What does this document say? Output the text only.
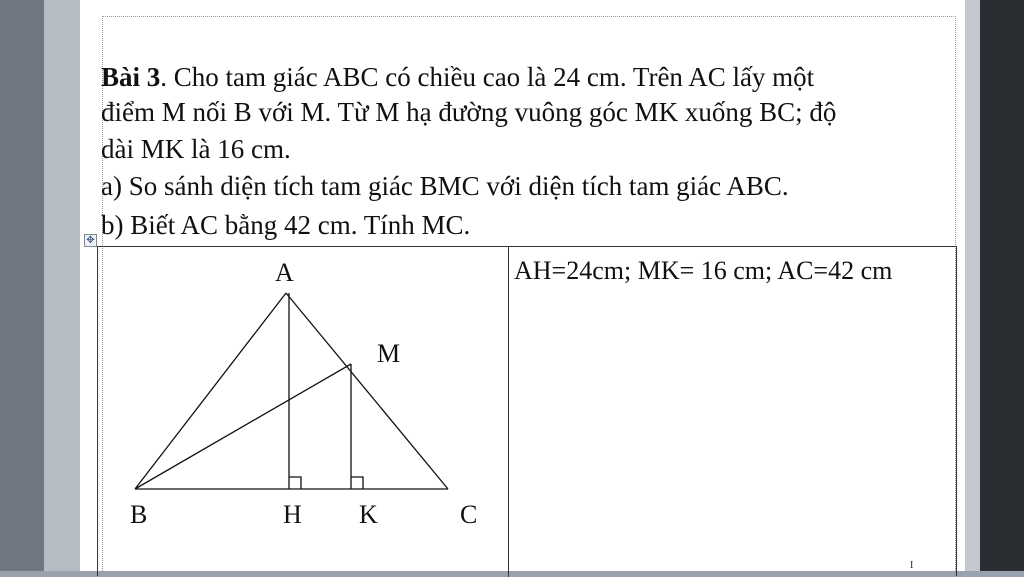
Bài 3. Cho tam giác ABC có chiều cao là 24 cm. Trên AC lấy một
điểm M nối B với M. Từ M hạ đường vuông góc MK xuống BC; độ
dài MK là 16 cm.
a) So sánh diện tích tam giác BMC với diện tích tam giác ABC.
b) Biết AC bằng 42 cm. Tính MC.
✥
A
M
B	H K	C
AH=24cm; MK= 16 cm; AC=42 cm
I
